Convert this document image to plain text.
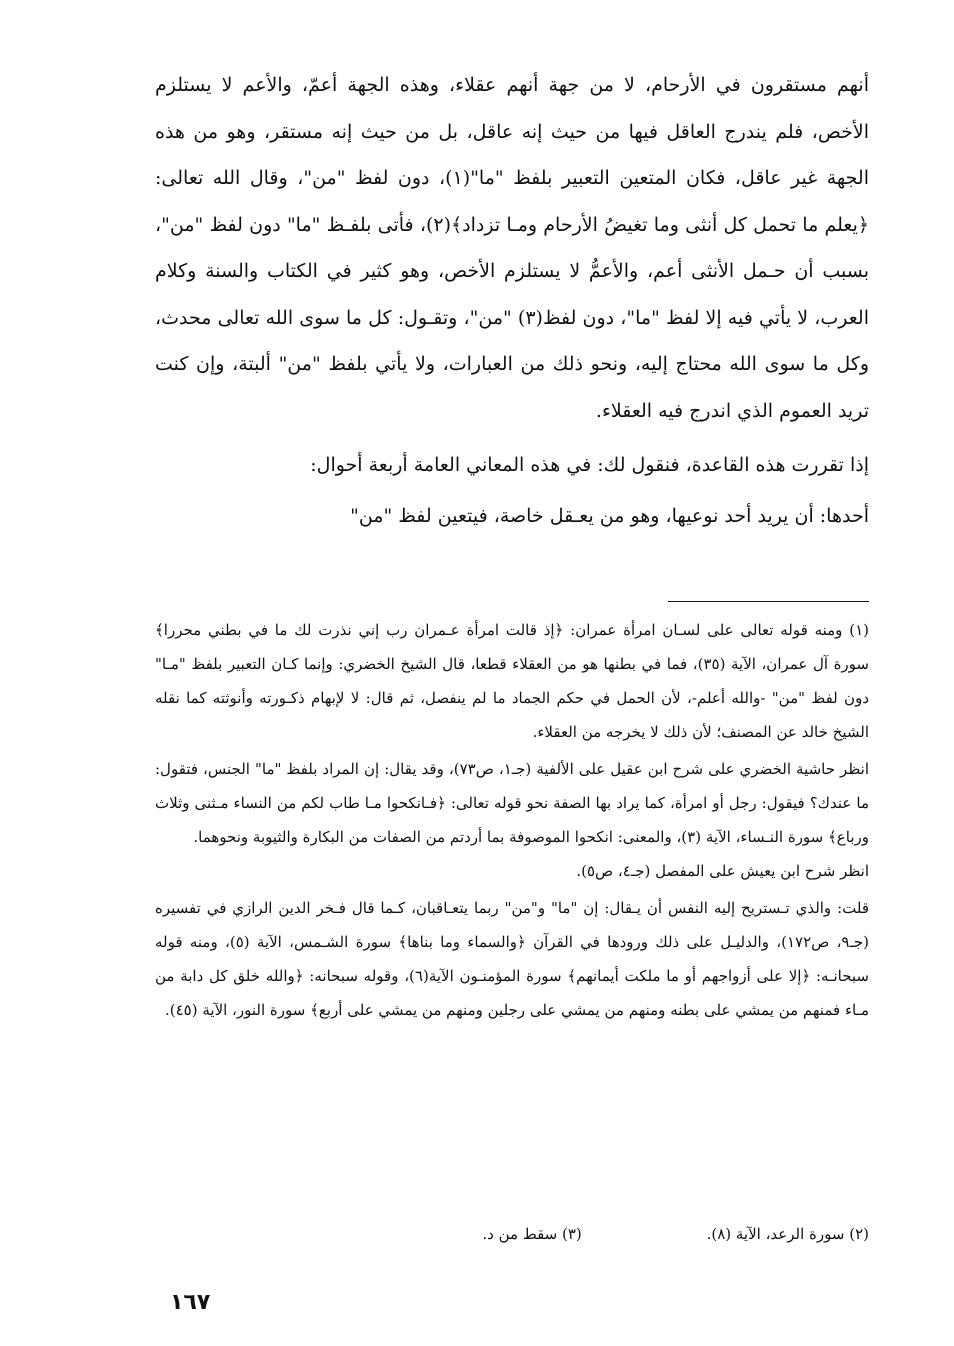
أنهم مستقرون في الأرحام، لا من جهة أنهم عقلاء، وهذه الجهة أعمّ، والأعم لا يستلزم الأخص، فلم يندرج العاقل فيها من حيث إنه عاقل، بل من حيث إنه مستقر، وهو من هذه الجهة غير عاقل، فكان المتعين التعبير بلفظ "ما"(١)، دون لفظ "من"، وقال الله تعالى: ﴿يعلم ما تحمل كل أنثى وما تغيضُ الأرحام ومـا تزداد﴾(٢)، فأتى بلفـظ "ما" دون لفظ "من"، بسبب أن حـمل الأنثى أعم، والأعمُّ لا يستلزم الأخص، وهو كثير في الكتاب والسنة وكلام العرب، لا يأتي فيه إلا لفظ "ما"، دون لفظ(٣) "من"، وتقـول: كل ما سوى الله تعالى محدث، وكل ما سوى الله محتاج إليه، ونحو ذلك من العبارات، ولا يأتي بلفظ "من" ألبتة، وإن كنت تريد العموم الذي اندرج فيه العقلاء.

إذا تقررت هذه القاعدة، فنقول لك: في هذه المعاني العامة أربعة أحوال:

أحدها: أن يريد أحد نوعيها، وهو من يعـقل خاصة، فيتعين لفظ "من"

(١) ومنه قوله تعالى على لسـان امرأة عمران: ﴿إذ قالت امرأة عـمران رب إني نذرت لك ما في بطني محررا﴾ سورة آل عمران، الآية (٣٥)، فما في بطنها هو من العقلاء قطعا، قال الشيخ الخضري: وإنما كـان التعبير بلفظ "مـا" دون لفظ "من" -والله أعلم-، لأن الحمل في حكم الجماد ما لم ينفصل، ثم قال: لا لإبهام ذكـورته وأنوثته كما نقله الشيخ خالد عن المصنف؛ لأن ذلك لا يخرجه من العقلاء.

انظر حاشية الخضري على شرح ابن عقيل على الألفية (جـ١، ص٧٣)، وقد يقال: إن المراد بلفظ "ما" الجنس، فتقول: ما عندك؟ فيقول: رجل أو امرأة، كما يراد بها الصفة نحو قوله تعالى: ﴿فـانكحوا مـا طاب لكم من النساء مـثنى وثلاث ورباع﴾ سورة النـساء، الآية (٣)، والمعنى: انكحوا الموصوفة بما أردتم من الصفات من البكارة والثيوبة ونحوهما.

انظر شرح ابن يعيش على المفصل (جـ٤، ص٥).

قلت: والذي تـستريح إليه النفس أن يـقال: إن "ما" و"من" ربما يتعـاقبان، كـما قال فـخر الدين الرازي في تفسيره (جـ٩، ص١٧٢)، والدليـل على ذلك ورودها في القرآن ﴿والسماء وما بناها﴾ سورة الشـمس، الآية (٥)، ومنه قوله سبحانـه: ﴿إلا على أزواجهم أو ما ملكت أيمانهم﴾ سورة المؤمنـون الآية(٦)، وقوله سبحانه: ﴿والله خلق كل دابة من مـاء فمنهم من يمشي على بطنه ومنهم من يمشي على رجلين ومنهم من يمشي على أربع﴾ سورة النور، الآية (٤٥).

(٢) سورة الرعد، الآية (٨). (٣) سقط من د.
١٦٧
